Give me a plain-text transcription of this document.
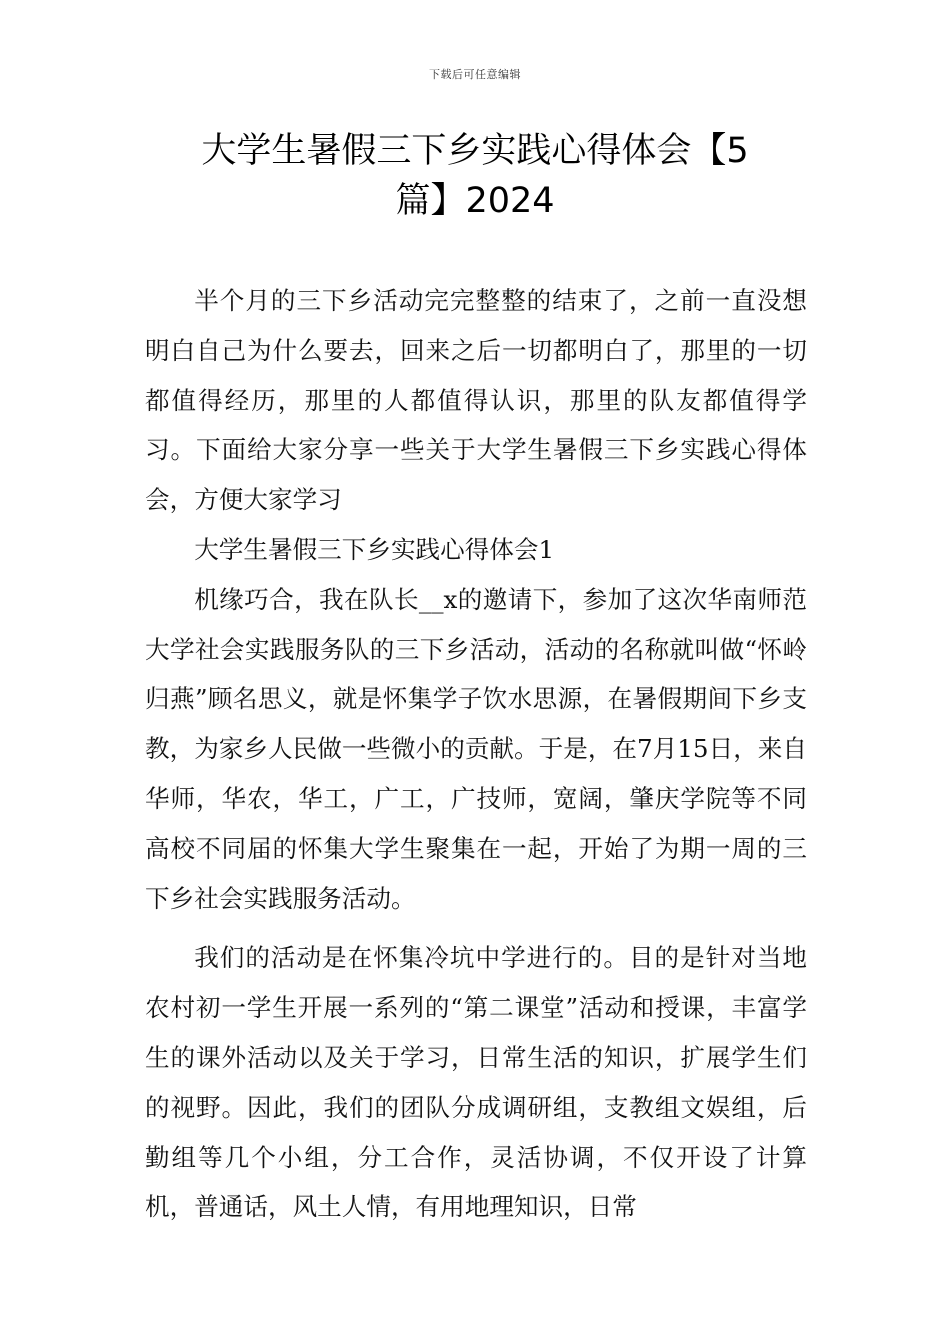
下载后可任意编辑
大学生暑假三下乡实践心得体会【5篇】2024

半个月的三下乡活动完完整整的结束了，之前一直没想明白自己为什么要去，回来之后一切都明白了，那里的一切都值得经历，那里的人都值得认识，那里的队友都值得学习。下面给大家分享一些关于大学生暑假三下乡实践心得体会，方便大家学习

大学生暑假三下乡实践心得体会1

机缘巧合，我在队长__x的邀请下，参加了这次华南师范大学社会实践服务队的三下乡活动，活动的名称就叫做“怀岭归燕”顾名思义，就是怀集学子饮水思源，在暑假期间下乡支教，为家乡人民做一些微小的贡献。于是，在7月15日，来自华师，华农，华工，广工，广技师，宽阔，肇庆学院等不同高校不同届的怀集大学生聚集在一起，开始了为期一周的三下乡社会实践服务活动。

我们的活动是在怀集冷坑中学进行的。目的是针对当地农村初一学生开展一系列的“第二课堂”活动和授课，丰富学生的课外活动以及关于学习，日常生活的知识，扩展学生们的视野。因此，我们的团队分成调研组，支教组文娱组，后勤组等几个小组，分工合作，灵活协调，不仅开设了计算机，普通话，风土人情，有用地理知识，日常
